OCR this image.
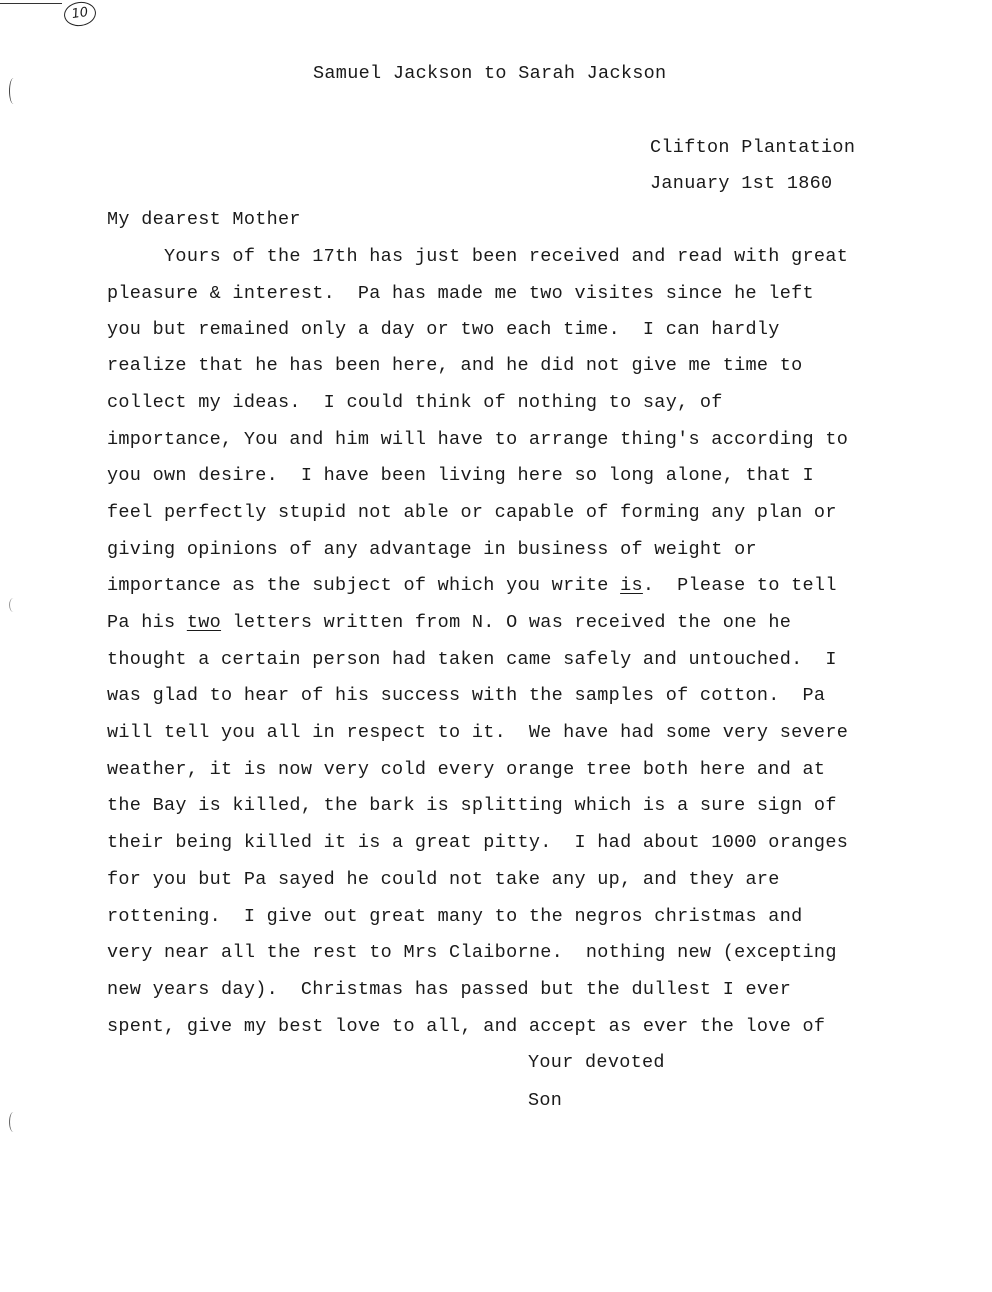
10
Samuel Jackson to Sarah Jackson
Clifton Plantation
January 1st 1860
My dearest Mother
Yours of the 17th has just been received and read with great
pleasure & interest.  Pa has made me two visites since he left
you but remained only a day or two each time.  I can hardly
realize that he has been here, and he did not give me time to
collect my ideas.  I could think of nothing to say, of
importance, You and him will have to arrange thing's according to
you own desire.  I have been living here so long alone, that I
feel perfectly stupid not able or capable of forming any plan or
giving opinions of any advantage in business of weight or
importance as the subject of which you write is.  Please to tell
Pa his two letters written from N. O was received the one he
thought a certain person had taken came safely and untouched.  I
was glad to hear of his success with the samples of cotton.  Pa
will tell you all in respect to it.  We have had some very severe
weather, it is now very cold every orange tree both here and at
the Bay is killed, the bark is splitting which is a sure sign of
their being killed it is a great pitty.  I had about 1000 oranges
for you but Pa sayed he could not take any up, and they are
rottening.  I give out great many to the negros christmas and
very near all the rest to Mrs Claiborne.  nothing new (excepting
new years day).  Christmas has passed but the dullest I ever
spent, give my best love to all, and accept as ever the love of
Your devoted
Son
